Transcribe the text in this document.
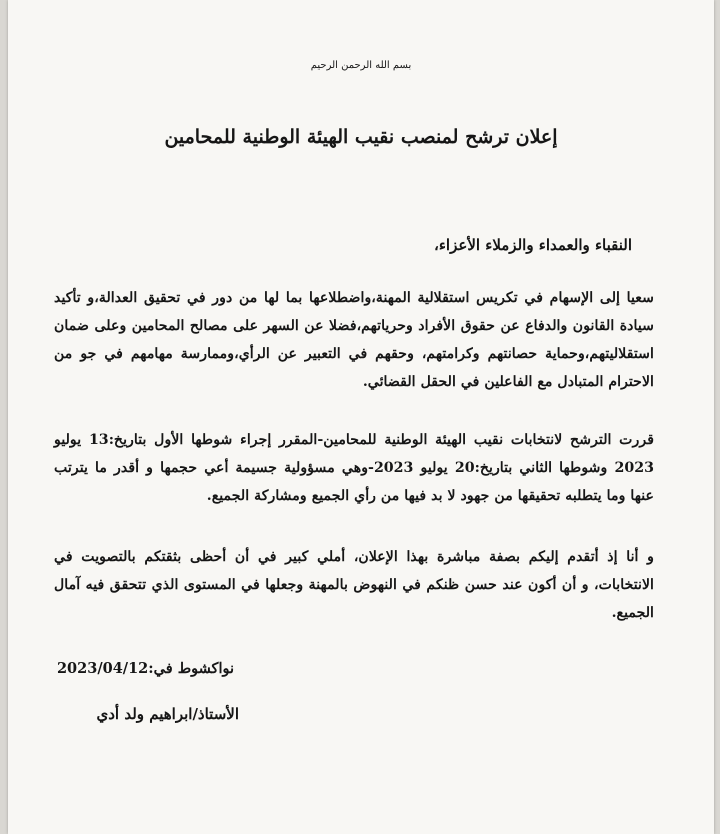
بسم الله الرحمن الرحيم
إعلان ترشح لمنصب نقيب الهيئة الوطنية للمحامين
النقباء والعمداء والزملاء الأعزاء،
سعيا إلى الإسهام في تكريس استقلالية المهنة،واضطلاعها بما لها من دور في تحقيق العدالة،و تأكيد سيادة القانون والدفاع عن حقوق الأفراد وحرياتهم،فضلا عن السهر على مصالح المحامين وعلى ضمان استقلاليتهم،وحماية حصانتهم وكرامتهم، وحقهم في التعبير عن الرأي،وممارسة مهامهم في جو من الاحترام المتبادل مع الفاعلين في الحقل القضائي.
قررت الترشح لانتخابات نقيب الهيئة الوطنية للمحامين-المقرر إجراء شوطها الأول بتاريخ:13 يوليو 2023 وشوطها الثاني بتاريخ:20 يوليو 2023-وهي مسؤولية جسيمة أعي حجمها و أقدر ما يترتب عنها وما يتطلبه تحقيقها من جهود لا بد فيها من رأي الجميع ومشاركة الجميع.
و أنا إذ أتقدم إليكم بصفة مباشرة بهذا الإعلان، أملي كبير في أن أحظى بثقتكم بالتصويت في الانتخابات، و أن أكون عند حسن ظنكم في النهوض بالمهنة وجعلها في المستوى الذي تتحقق فيه آمال الجميع.
نواكشوط في:2023/04/12
الأستاذ/ابراهيم ولد أدي
